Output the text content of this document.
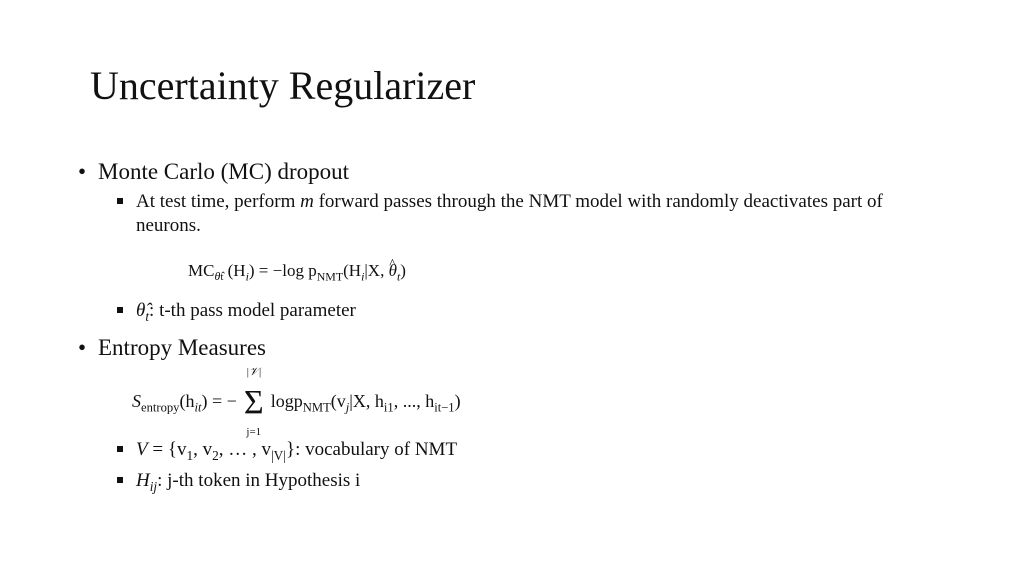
Uncertainty Regularizer
• Monte Carlo (MC) dropout
At test time, perform m forward passes through the NMT model with randomly deactivates part of neurons.
$MC_{\thetât}$ $(H_i) = -\log$ $p_{NMT}(H_i|X$, ^ $\theta_t$)
$\thetâ_t$: t-th pass model parameter
• Entropy Measures
$S_{entropy}(h_{it})$ = −
|𝒱|
Σ
j=1
$\log p_{NMT}(v_j|X$, $h_{i1}$, ..., $h_{it-1}$)
$V = \{v_1$, $v_2$, … , $v_{|V|}$}: vocabulary of NMT
$H_{ij}$: j-th token in Hypothesis i
